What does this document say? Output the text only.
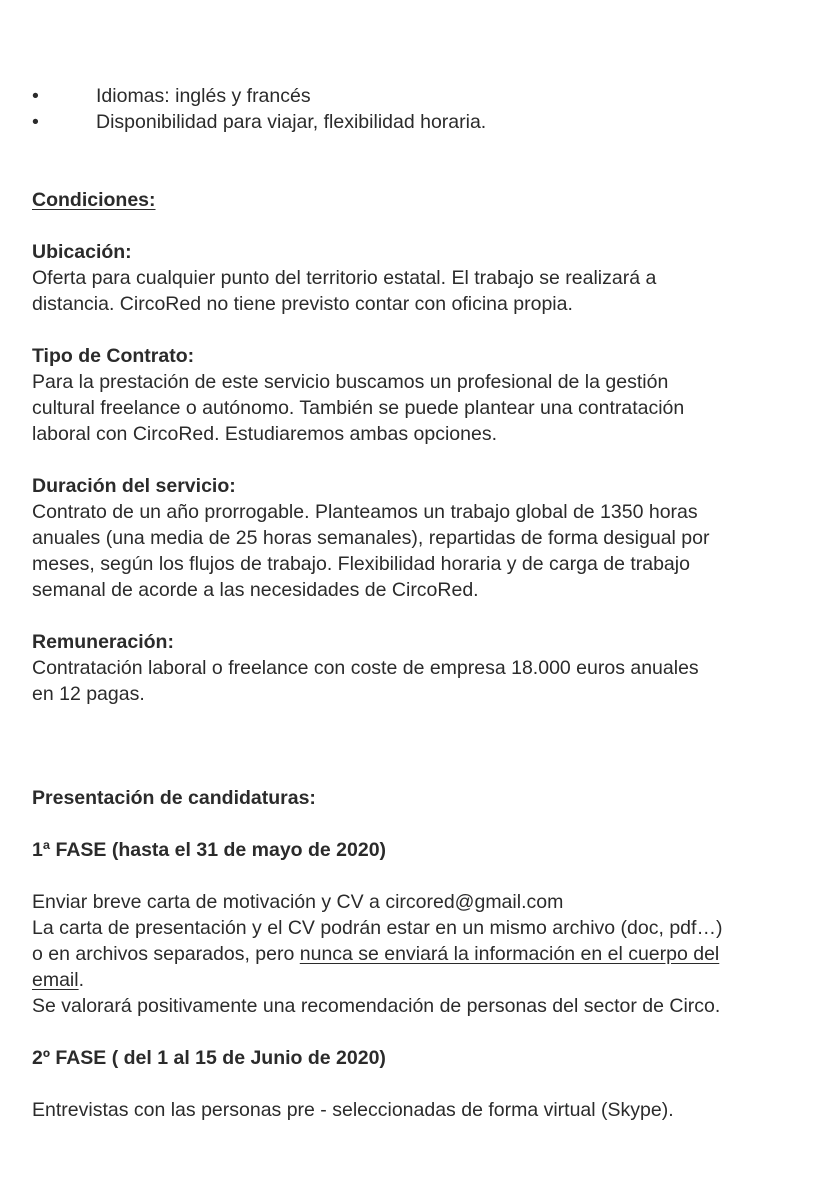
•	Idiomas: inglés y francés
•	Disponibilidad para viajar, flexibilidad horaria.
Condiciones:
Ubicación:
Oferta para cualquier punto del territorio estatal. El trabajo se realizará a
distancia. CircoRed no tiene previsto contar con oficina propia.
Tipo de Contrato:
Para la prestación de este servicio buscamos un profesional de la gestión
cultural freelance o autónomo. También se puede plantear una contratación
laboral con CircoRed. Estudiaremos ambas opciones.
Duración del servicio:
Contrato de un año prorrogable. Planteamos un trabajo global de 1350 horas
anuales (una media de 25 horas semanales), repartidas de forma desigual por
meses, según los flujos de trabajo. Flexibilidad horaria y de carga de trabajo
semanal de acorde a las necesidades de CircoRed.
Remuneración:
Contratación laboral o freelance con coste de empresa 18.000 euros anuales
en 12 pagas.
Presentación de candidaturas:
1ª FASE (hasta el 31 de mayo de 2020)
Enviar breve carta de motivación y CV a circored@gmail.com
La carta de presentación y el CV podrán estar en un mismo archivo (doc, pdf…)
o en archivos separados, pero nunca se enviará la información en el cuerpo del
email.
Se valorará positivamente una recomendación de personas del sector de Circo.
2º FASE ( del 1 al 15 de Junio de 2020)
Entrevistas con las personas pre - seleccionadas de forma virtual (Skype).
